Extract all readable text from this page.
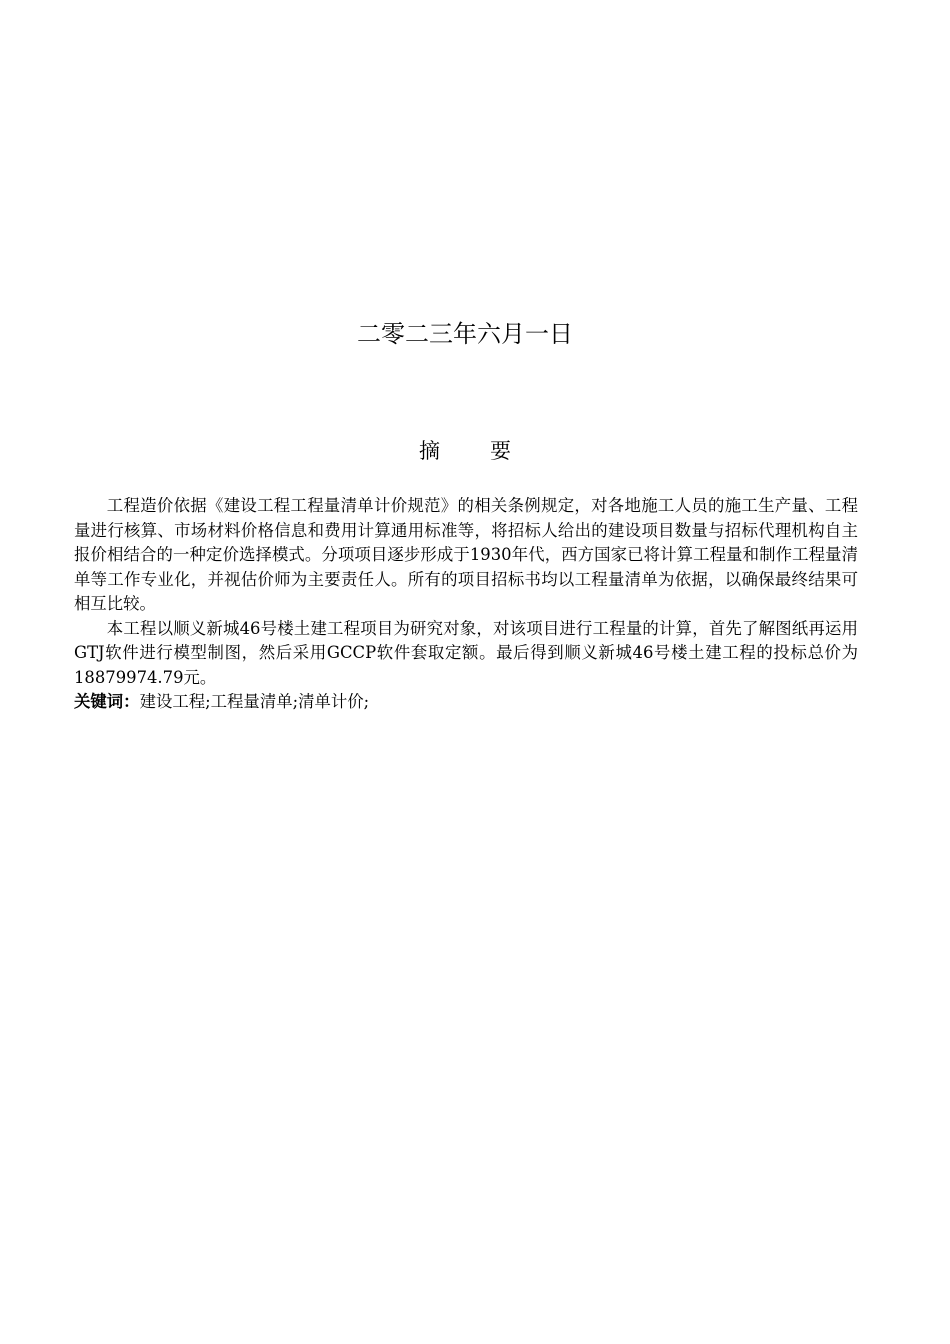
二零二三年六月一日
摘要

工程造价依据《建设工程工程量清单计价规范》的相关条例规定，对各地施工人员的施工生产量、工程量进行核算、市场材料价格信息和费用计算通用标准等，将招标人给出的建设项目数量与招标代理机构自主报价相结合的一种定价选择模式。分项项目逐步形成于1930年代，西方国家已将计算工程量和制作工程量清单等工作专业化，并视估价师为主要责任人。所有的项目招标书均以工程量清单为依据，以确保最终结果可相互比较。

本工程以顺义新城46号楼土建工程项目为研究对象，对该项目进行工程量的计算，首先了解图纸再运用GTJ软件进行模型制图，然后采用GCCP软件套取定额。最后得到顺义新城46号楼土建工程的投标总价为18879974.79元。

关键词：建设工程;工程量清单;清单计价;
